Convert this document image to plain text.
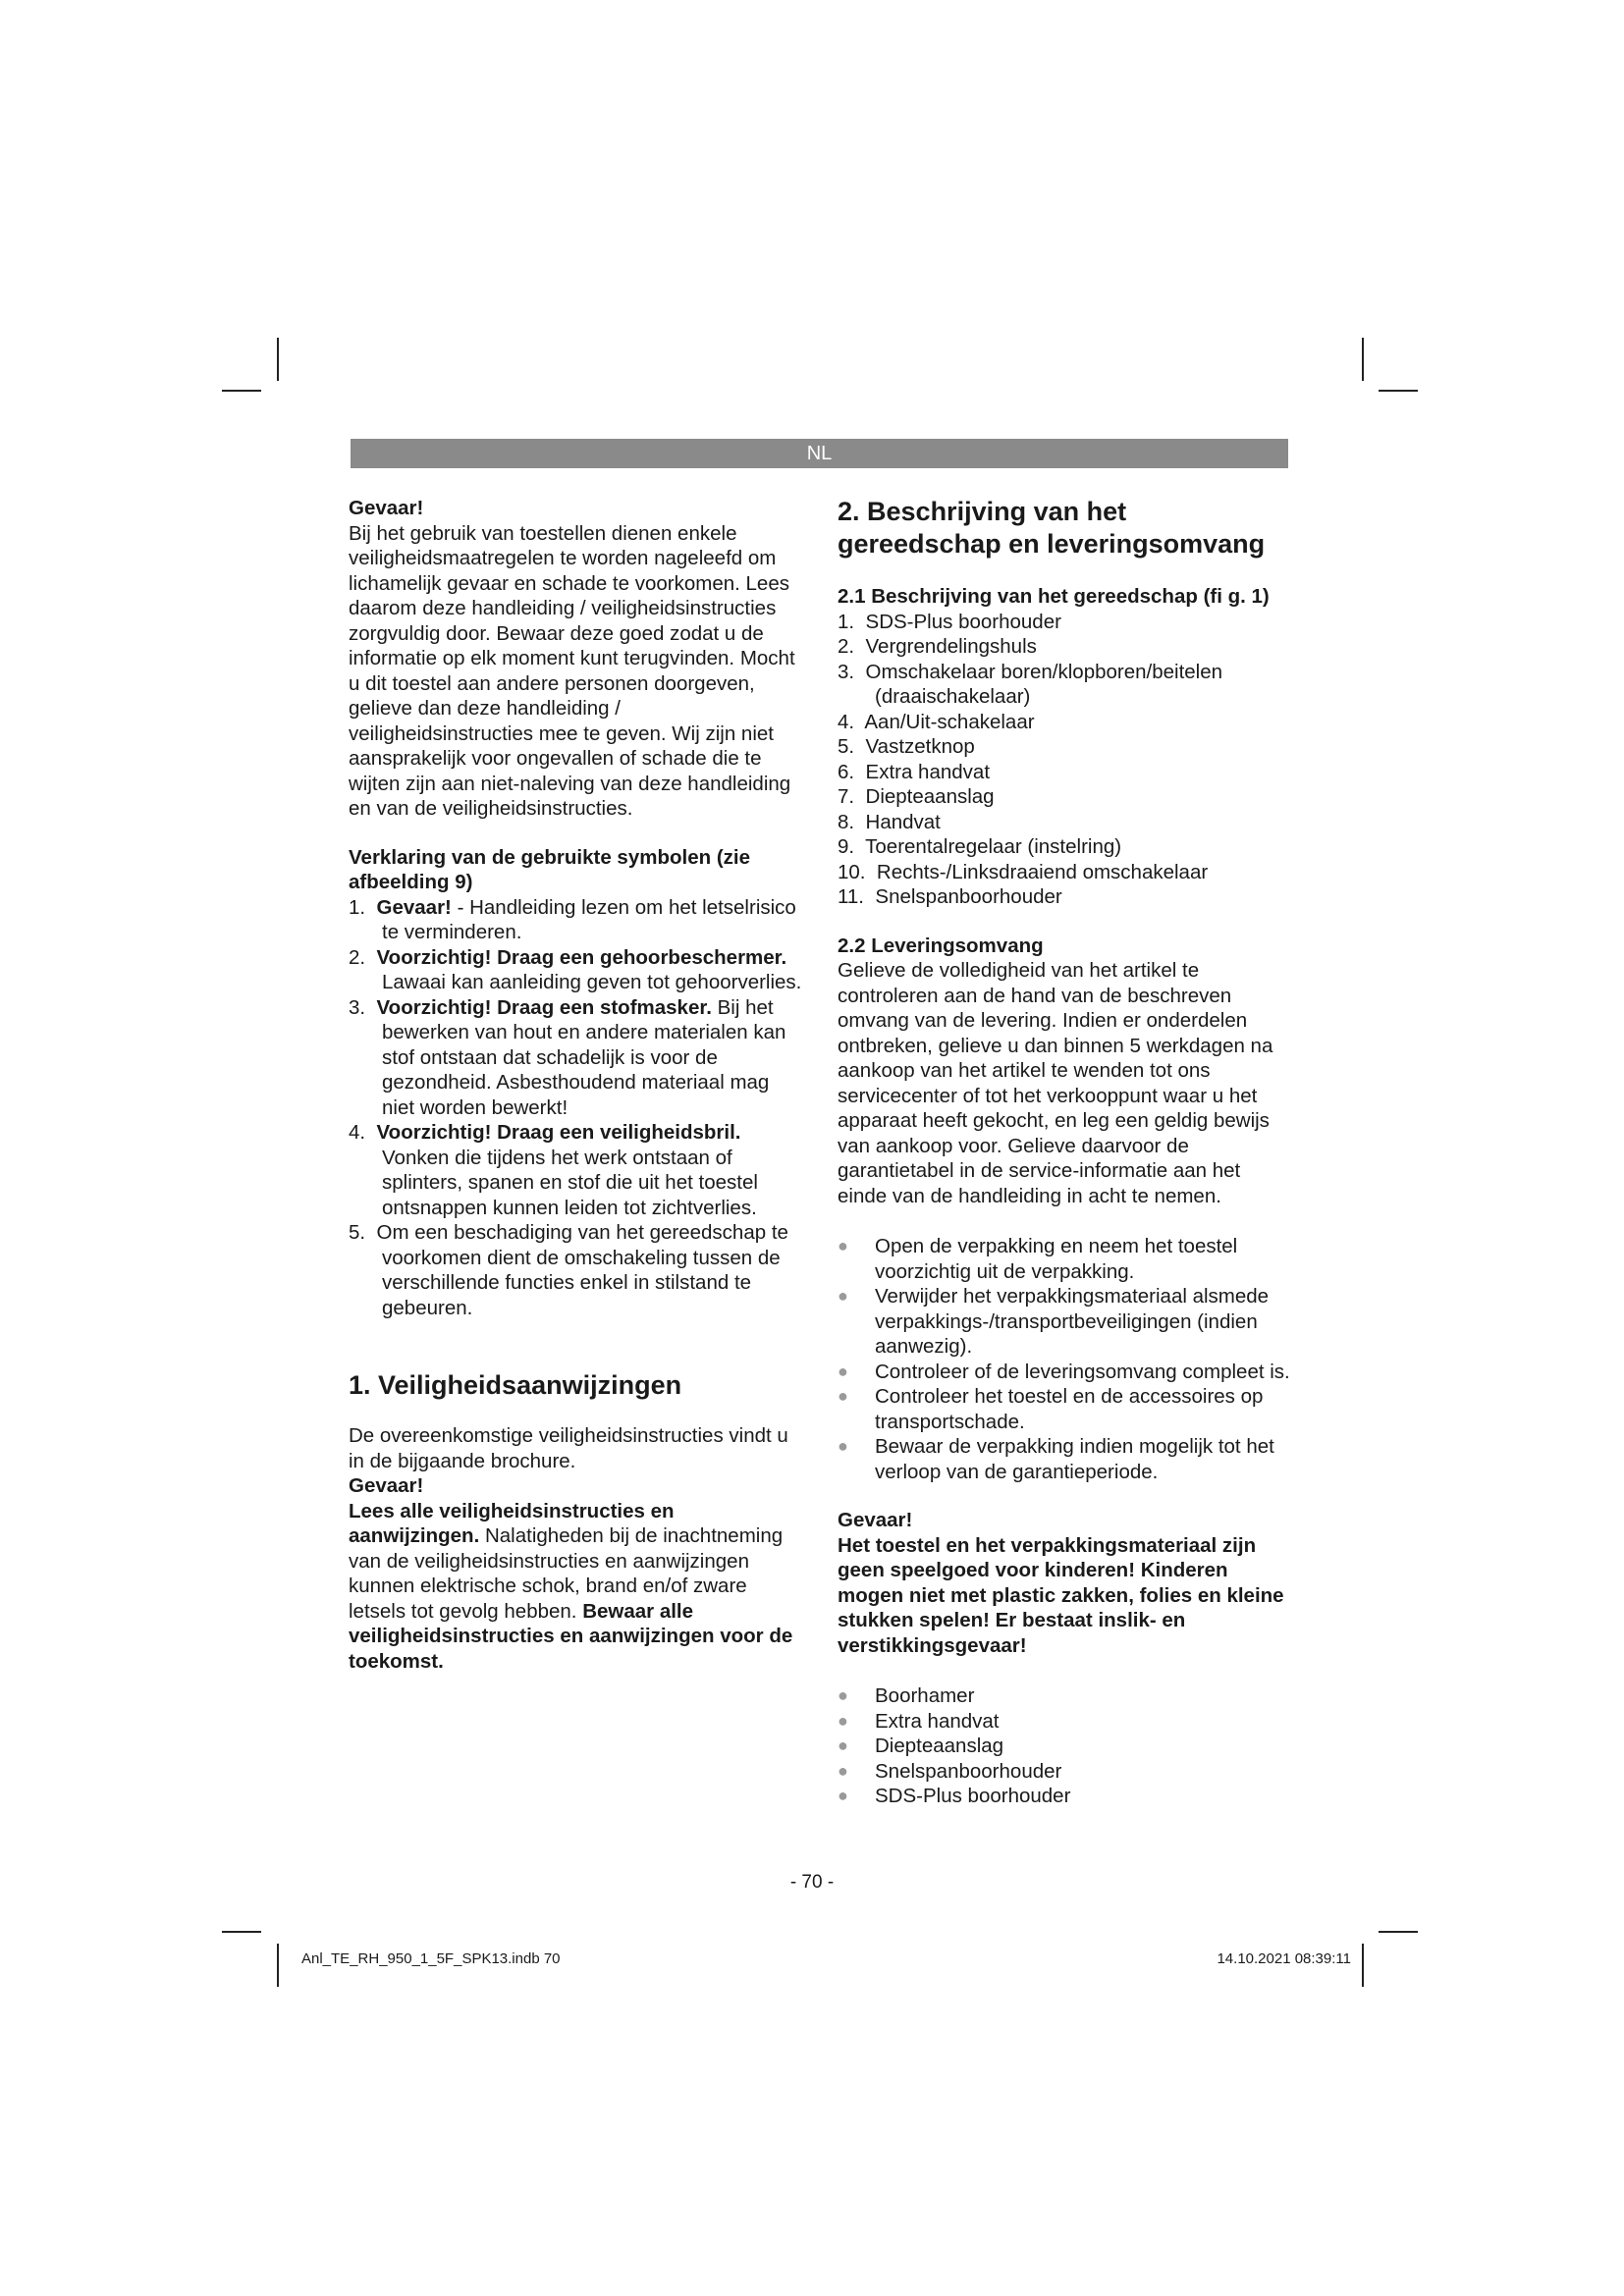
NL

Gevaar!

Bij het gebruik van toestellen dienen enkele veiligheidsmaatregelen te worden nageleefd om lichamelijk gevaar en schade te voorkomen. Lees daarom deze handleiding / veiligheidsinstructies zorgvuldig door. Bewaar deze goed zodat u de informatie op elk moment kunt terugvinden. Mocht u dit toestel aan andere personen doorgeven, gelieve dan deze handleiding / veiligheidsinstructies mee te geven. Wij zijn niet aansprakelijk voor ongevallen of schade die te wijten zijn aan niet-naleving van deze handleiding en van de veiligheidsinstructies.

Verklaring van de gebruikte symbolen (zie afbeelding 9)

1. Gevaar! - Handleiding lezen om het letselrisico te verminderen.
2. Voorzichtig! Draag een gehoorbeschermer. Lawaai kan aanleiding geven tot gehoorverlies.
3. Voorzichtig! Draag een stofmasker. Bij het bewerken van hout en andere materialen kan stof ontstaan dat schadelijk is voor de gezondheid. Asbesthoudend materiaal mag niet worden bewerkt!
4. Voorzichtig! Draag een veiligheidsbril. Vonken die tijdens het werk ontstaan of splinters, spanen en stof die uit het toestel ontsnappen kunnen leiden tot zichtverlies.
5. Om een beschadiging van het gereedschap te voorkomen dient de omschakeling tussen de verschillende functies enkel in stilstand te gebeuren.

1. Veiligheidsaanwijzingen

De overeenkomstige veiligheidsinstructies vindt u in de bijgaande brochure.

Gevaar!

Lees alle veiligheidsinstructies en aanwijzingen. Nalatigheden bij de inachtneming van de veiligheidsinstructies en aanwijzingen kunnen elektrische schok, brand en/of zware letsels tot gevolg hebben. Bewaar alle veiligheidsinstructies en aanwijzingen voor de toekomst.

2. Beschrijving van het gereedschap en leveringsomvang

2.1 Beschrijving van het gereedschap (fi g. 1)

1. SDS-Plus boorhouder
2. Vergrendelingshuls
3. Omschakelaar boren/klopboren/beitelen (draaischakelaar)
4. Aan/Uit-schakelaar
5. Vastzetknop
6. Extra handvat
7. Diepteaanslag
8. Handvat
9. Toerentalregelaar (instelring)
10. Rechts-/Linksdraaiend omschakelaar
11. Snelspanboorhouder

2.2 Leveringsomvang

Gelieve de volledigheid van het artikel te controleren aan de hand van de beschreven omvang van de levering. Indien er onderdelen ontbreken, gelieve u dan binnen 5 werkdagen na aankoop van het artikel te wenden tot ons servicecenter of tot het verkooppunt waar u het apparaat heeft gekocht, en leg een geldig bewijs van aankoop voor. Gelieve daarvoor de garantietabel in de service-informatie aan het einde van de handleiding in acht te nemen.

● Open de verpakking en neem het toestel voorzichtig uit de verpakking.
● Verwijder het verpakkingsmateriaal alsmede verpakkings-/transportbeveiligingen (indien aanwezig).
● Controleer of de leveringsomvang compleet is.
● Controleer het toestel en de accessoires op transportschade.
● Bewaar de verpakking indien mogelijk tot het verloop van de garantieperiode.

Gevaar!

Het toestel en het verpakkingsmateriaal zijn geen speelgoed voor kinderen! Kinderen mogen niet met plastic zakken, folies en kleine stukken spelen! Er bestaat inslik- en verstikkingsgevaar!

● Boorhamer
● Extra handvat
● Diepteaanslag
● Snelspanboorhouder
● SDS-Plus boorhouder
- 70 -
Anl_TE_RH_950_1_5F_SPK13.indb 70	14.10.2021 08:39:11
